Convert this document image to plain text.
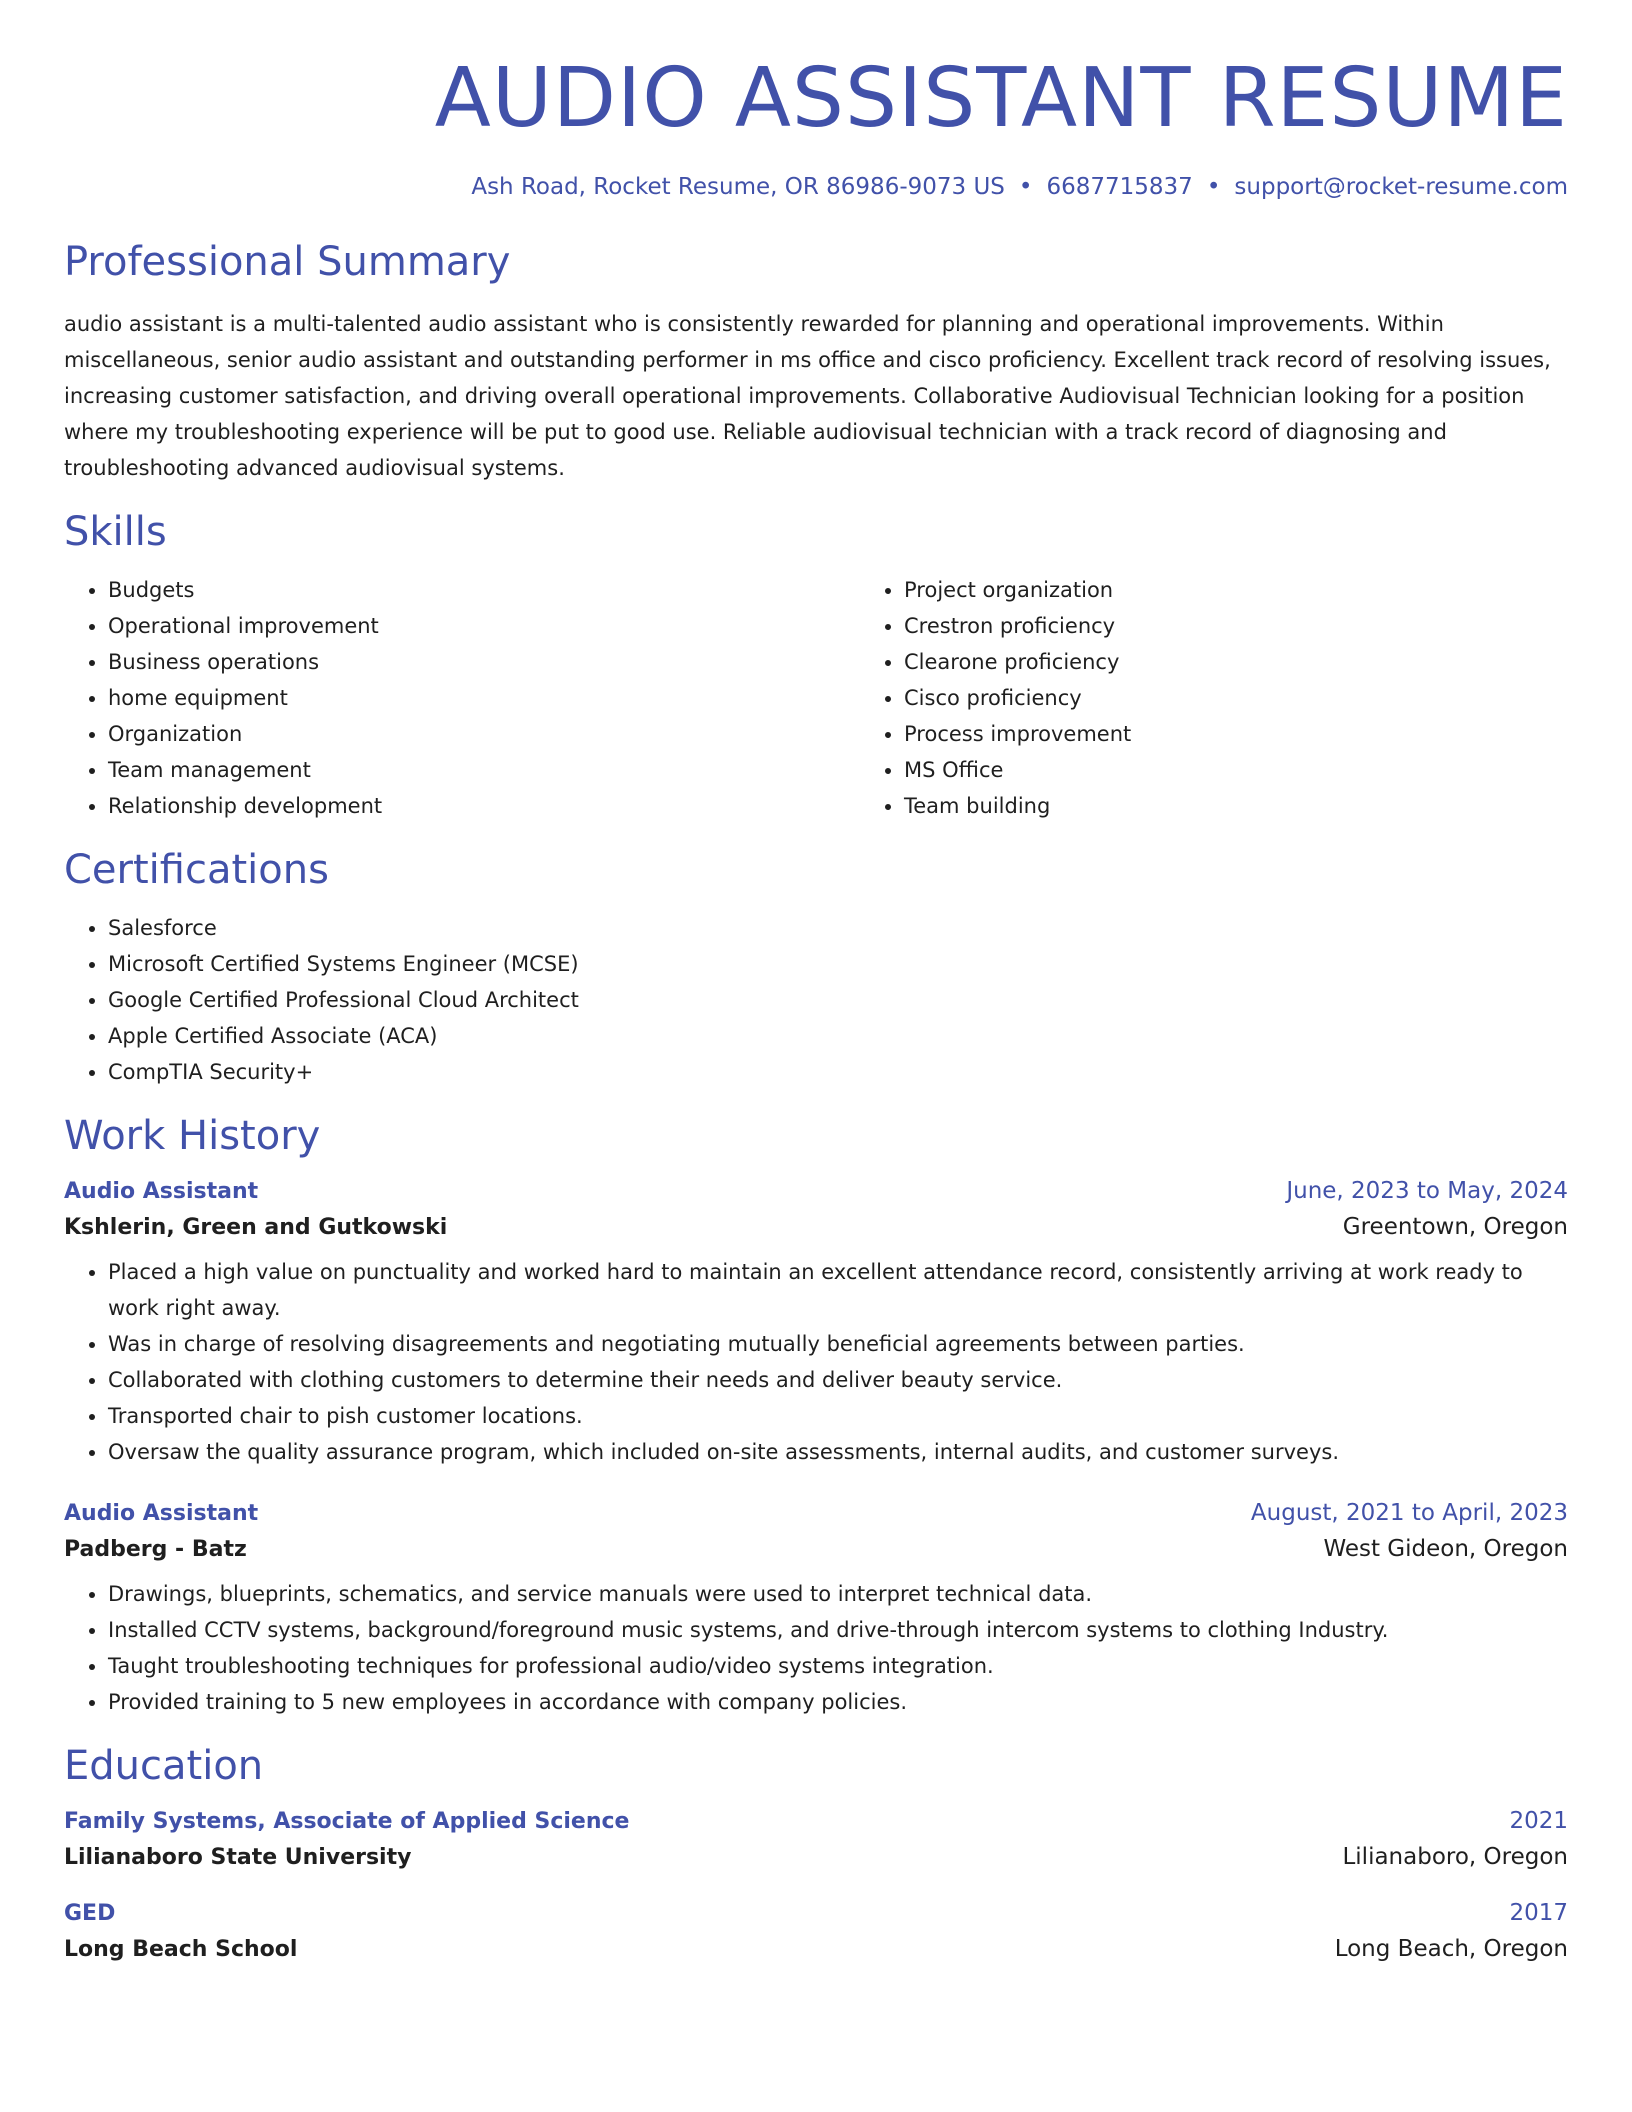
AUDIO ASSISTANT RESUME
Ash Road, Rocket Resume, OR 86986-9073 US • 6687715837 • support@rocket-resume.com
Professional Summary
audio assistant is a multi-talented audio assistant who is consistently rewarded for planning and operational improvements. Within miscellaneous, senior audio assistant and outstanding performer in ms office and cisco proficiency. Excellent track record of resolving issues, increasing customer satisfaction, and driving overall operational improvements. Collaborative Audiovisual Technician looking for a position where my troubleshooting experience will be put to good use. Reliable audiovisual technician with a track record of diagnosing and troubleshooting advanced audiovisual systems.
Skills
• Budgets
• Operational improvement
• Business operations
• home equipment
• Organization
• Team management
• Relationship development
• Project organization
• Crestron proficiency
• Clearone proficiency
• Cisco proficiency
• Process improvement
• MS Office
• Team building
Certifications
• Salesforce
• Microsoft Certified Systems Engineer (MCSE)
• Google Certified Professional Cloud Architect
• Apple Certified Associate (ACA)
• CompTIA Security+
Work History
Audio Assistant	June, 2023 to May, 2024
Kshlerin, Green and Gutkowski	Greentown, Oregon
• Placed a high value on punctuality and worked hard to maintain an excellent attendance record, consistently arriving at work ready to work right away.
• Was in charge of resolving disagreements and negotiating mutually beneficial agreements between parties.
• Collaborated with clothing customers to determine their needs and deliver beauty service.
• Transported chair to pish customer locations.
• Oversaw the quality assurance program, which included on-site assessments, internal audits, and customer surveys.
Audio Assistant	August, 2021 to April, 2023
Padberg - Batz	West Gideon, Oregon
• Drawings, blueprints, schematics, and service manuals were used to interpret technical data.
• Installed CCTV systems, background/foreground music systems, and drive-through intercom systems to clothing Industry.
• Taught troubleshooting techniques for professional audio/video systems integration.
• Provided training to 5 new employees in accordance with company policies.
Education
Family Systems, Associate of Applied Science	2021
Lilianaboro State University	Lilianaboro, Oregon
GED	2017
Long Beach School	Long Beach, Oregon
